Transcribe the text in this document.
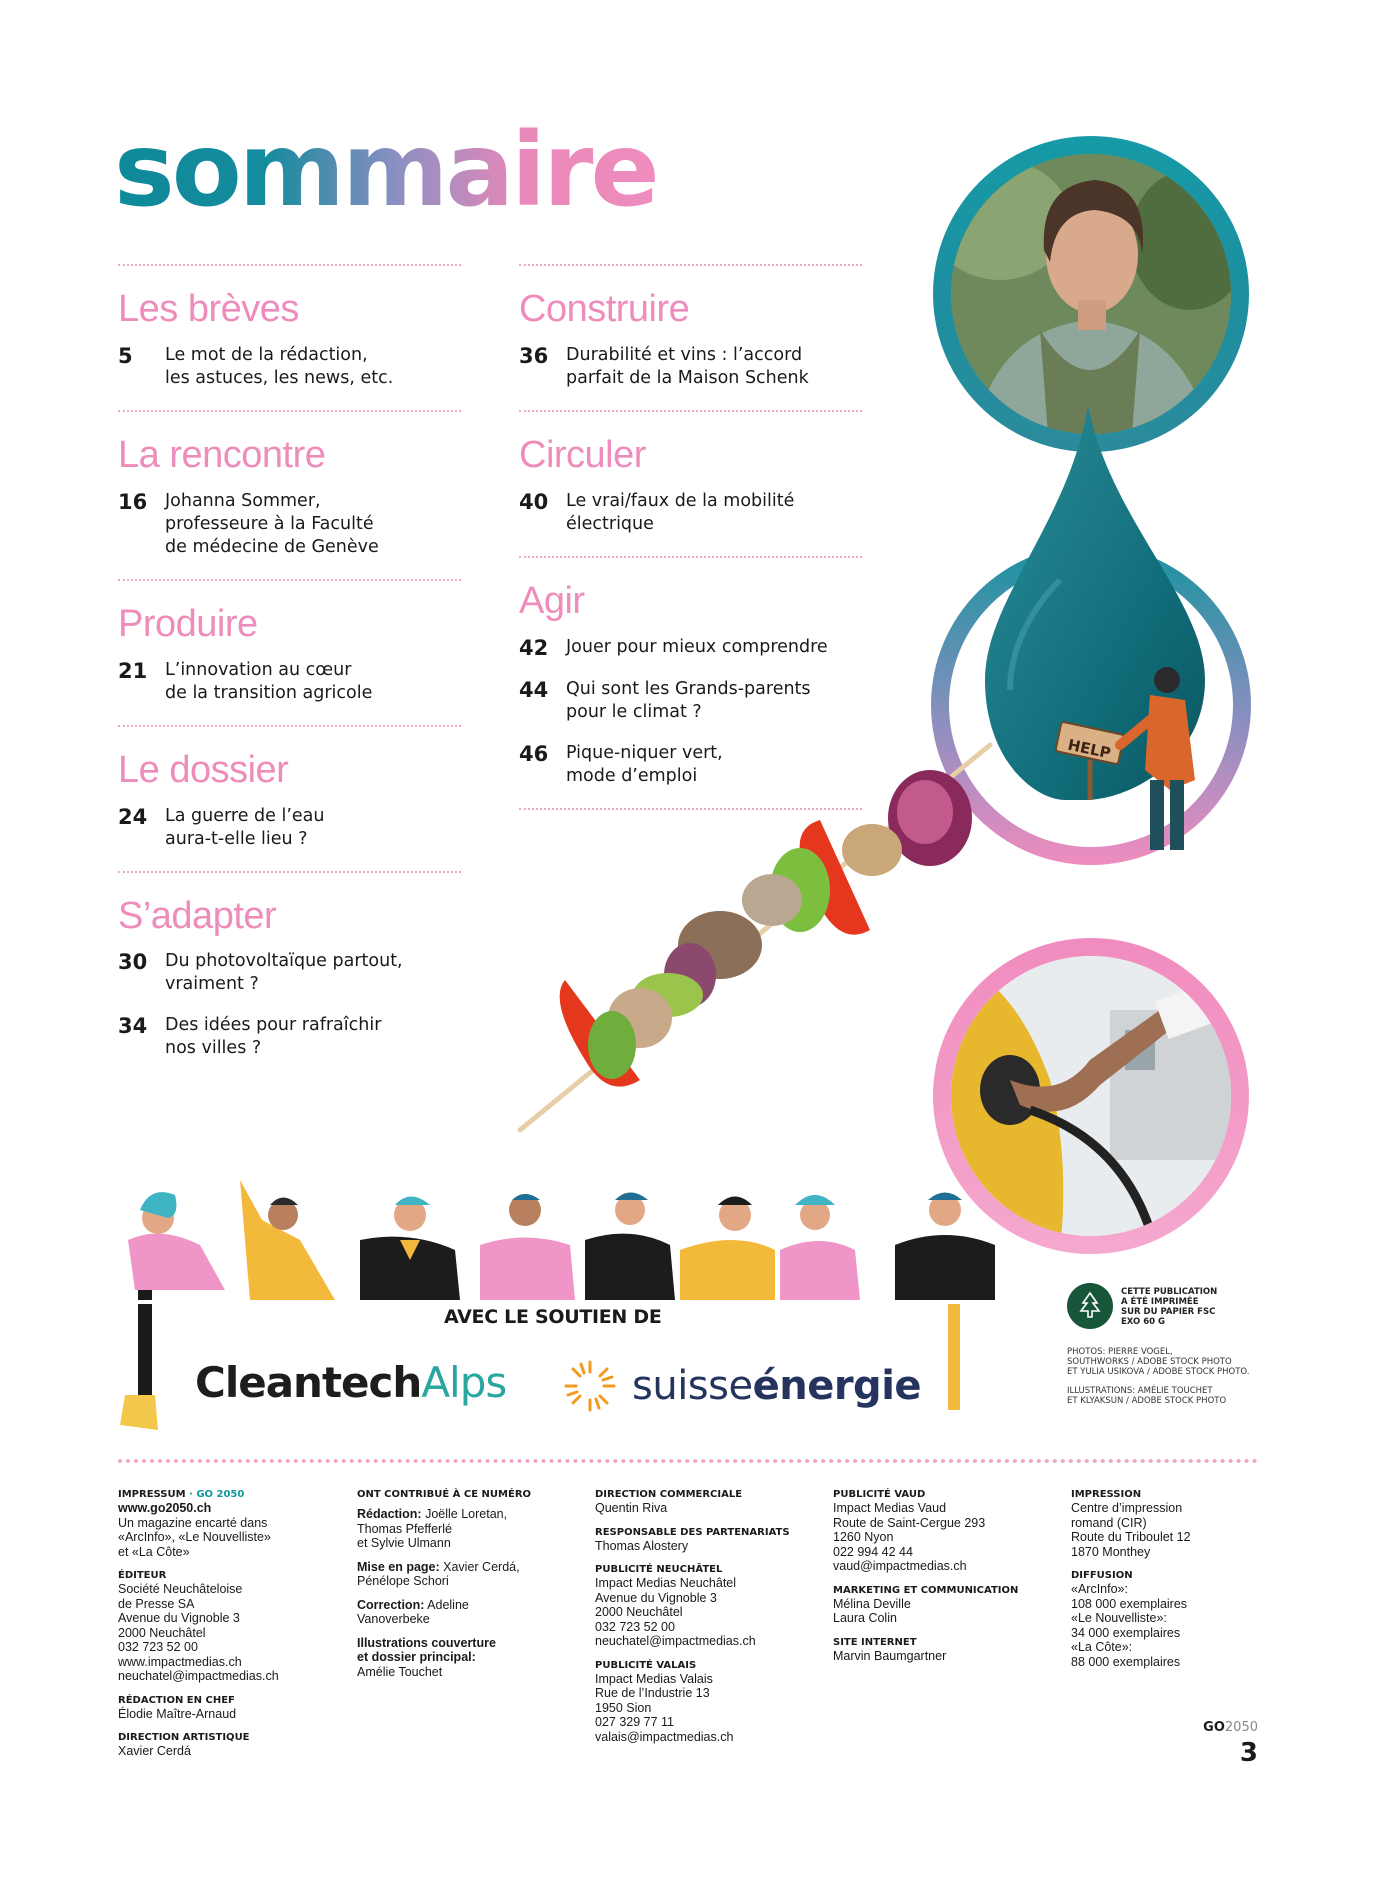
sommaire
Les brèves
5	Le mot de la rédaction,
les astuces, les news, etc.
La rencontre
16	Johanna Sommer,
professeure à la Faculté
de médecine de Genève
Produire
21	L’innovation au cœur
de la transition agricole
Le dossier
24	La guerre de l’eau
aura-t-elle lieu ?
S’adapter
30	Du photovoltaïque partout,
vraiment ?
34	Des idées pour rafraîchir
nos villes ?
Construire
36	Durabilité et vins : l’accord
parfait de la Maison Schenk
Circuler
40	Le vrai/faux de la mobilité
électrique
Agir
42	Jouer pour mieux comprendre
44	Qui sont les Grands-parents
pour le climat ?
46	Pique-niquer vert,
mode d’emploi
HELP
AVEC LE SOUTIEN DE
CleantechAlps	suisseénergie
CETTE PUBLICATION
A ÉTÉ IMPRIMÉE
SUR DU PAPIER FSC
EXO 60 G

PHOTOS: PIERRE VOGEL,
SOUTHWORKS / ADOBE STOCK PHOTO
ET YULIA USIKOVA / ADOBE STOCK PHOTO.

ILLUSTRATIONS: AMÉLIE TOUCHET
ET KLYAKSUN / ADOBE STOCK PHOTO

IMPRESSUM · GO 2050
www.go2050.ch
Un magazine encarté dans
«ArcInfo», «Le Nouvelliste»
et «La Côte»
ÉDITEUR
Société Neuchâteloise
de Presse SA
Avenue du Vignoble 3
2000 Neuchâtel
032 723 52 00
www.impactmedias.ch
neuchatel@impactmedias.ch
RÉDACTION EN CHEF
Élodie Maître-Arnaud
DIRECTION ARTISTIQUE
Xavier Cerdá
ONT CONTRIBUÉ À CE NUMÉRO
Rédaction: Joëlle Loretan,
Thomas Pfefferlé
et Sylvie Ulmann
Mise en page: Xavier Cerdá,
Pénélope Schori
Correction: Adeline
Vanoverbeke
Illustrations couverture
et dossier principal:
Amélie Touchet
DIRECTION COMMERCIALE
Quentin Riva
RESPONSABLE DES PARTENARIATS
Thomas Alostery
PUBLICITÉ NEUCHÂTEL
Impact Medias Neuchâtel
Avenue du Vignoble 3
2000 Neuchâtel
032 723 52 00
neuchatel@impactmedias.ch
PUBLICITÉ VALAIS
Impact Medias Valais
Rue de l’Industrie 13
1950 Sion
027 329 77 11
valais@impactmedias.ch
PUBLICITÉ VAUD
Impact Medias Vaud
Route de Saint-Cergue 293
1260 Nyon
022 994 42 44
vaud@impactmedias.ch
MARKETING ET COMMUNICATION
Mélina Deville
Laura Colin
SITE INTERNET
Marvin Baumgartner
IMPRESSION
Centre d’impression
romand (CIR)
Route du Triboulet 12
1870 Monthey
DIFFUSION
«ArcInfo»:
108 000 exemplaires
«Le Nouvelliste»:
34 000 exemplaires
«La Côte»:
88 000 exemplaires
GO2050
3
